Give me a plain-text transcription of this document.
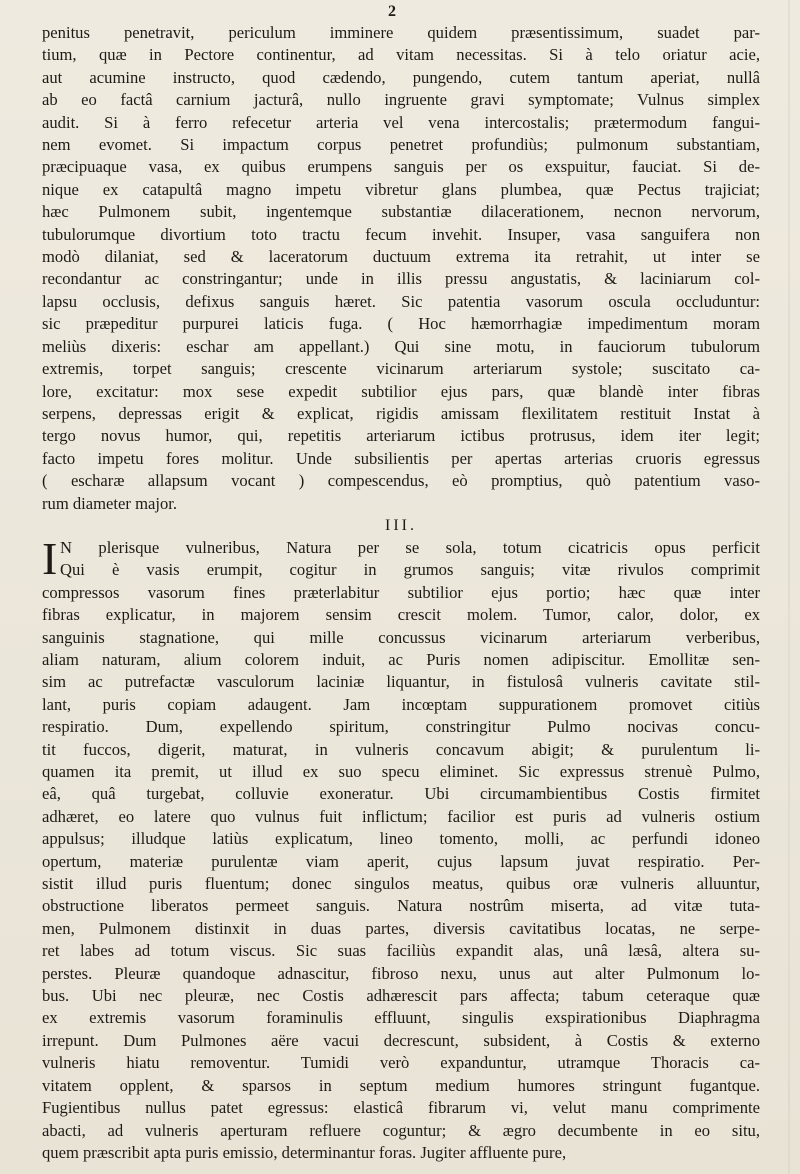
2
penitus penetravit, periculum imminere quidem præsentissimum, suadet par-
tium, quæ in Pectore continentur, ad vitam necessitas. Si à telo oriatur acie,
aut acumine instructo, quod cædendo, pungendo, cutem tantum aperiat, nullâ
ab eo factâ carnium jacturâ, nullo ingruente gravi symptomate; Vulnus simplex
audit. Si à ferro refecetur arteria vel vena intercostalis; prætermodum fangui-
nem evomet. Si impactum corpus penetret profundiùs; pulmonum substantiam,
præcipuaque vasa, ex quibus erumpens sanguis per os exspuitur, fauciat. Si de-
nique ex catapultâ magno impetu vibretur glans plumbea, quæ Pectus trajiciat;
hæc Pulmonem subit, ingentemque substantiæ dilacerationem, necnon nervorum,
tubulorumque divortium toto tractu fecum invehit. Insuper, vasa sanguifera non
modò dilaniat, sed & laceratorum ductuum extrema ita retrahit, ut inter se
recondantur ac constringantur; unde in illis pressu angustatis, & laciniarum col-
lapsu occlusis, defixus sanguis hæret. Sic patentia vasorum oscula occluduntur:
sic præpeditur purpurei laticis fuga. ( Hoc hæmorrhagiæ impedimentum moram
meliùs dixeris: eschar am appellant.) Qui sine motu, in fauciorum tubulorum
extremis, torpet sanguis; crescente vicinarum arteriarum systole; suscitato ca-
lore, excitatur: mox sese expedit subtilior ejus pars, quæ blandè inter fibras
serpens, depressas erigit & explicat, rigidis amissam flexilitatem restituit Instat à
tergo novus humor, qui, repetitis arteriarum ictibus protrusus, idem iter legit;
facto impetu fores molitur. Unde subsilientis per apertas arterias cruoris egressus
( escharæ allapsum vocant ) compescendus, eò promptius, quò patentium vaso-
rum diameter major.
III.
I N plerisque vulneribus, Natura per se sola, totum cicatricis opus perficit
Qui è vasis erumpit, cogitur in grumos sanguis; vitæ rivulos comprimit
compressos vasorum fines præterlabitur subtilior ejus portio; hæc quæ inter
fibras explicatur, in majorem sensim crescit molem. Tumor, calor, dolor, ex
sanguinis stagnatione, qui mille concussus vicinarum arteriarum verberibus,
aliam naturam, alium colorem induit, ac Puris nomen adipiscitur. Emollitæ sen-
sim ac putrefactæ vasculorum laciniæ liquantur, in fistulosâ vulneris cavitate stil-
lant, puris copiam adaugent. Jam incœptam suppurationem promovet citiùs
respiratio. Dum, expellendo spiritum, constringitur Pulmo nocivas concu-
tit fuccos, digerit, maturat, in vulneris concavum abigit; & purulentum li-
quamen ita premit, ut illud ex suo specu eliminet. Sic expressus strenuè Pulmo,
eâ, quâ turgebat, colluvie exoneratur. Ubi circumambientibus Costis firmitet
adhæret, eo latere quo vulnus fuit inflictum; facilior est puris ad vulneris ostium
appulsus; illudque latiùs explicatum, lineo tomento, molli, ac perfundi idoneo
opertum, materiæ purulentæ viam aperit, cujus lapsum juvat respiratio. Per-
sistit illud puris fluentum; donec singulos meatus, quibus oræ vulneris alluuntur,
obstructione liberatos permeet sanguis. Natura nostrûm miserta, ad vitæ tuta-
men, Pulmonem distinxit in duas partes, diversis cavitatibus locatas, ne serpe-
ret labes ad totum viscus. Sic suas faciliùs expandit alas, unâ læsâ, altera su-
perstes. Pleuræ quandoque adnascitur, fibroso nexu, unus aut alter Pulmonum lo-
bus. Ubi nec pleuræ, nec Costis adhærescit pars affecta; tabum ceteraque quæ
ex extremis vasorum foraminulis effluunt, singulis exspirationibus Diaphragma
irrepunt. Dum Pulmones aëre vacui decrescunt, subsident, à Costis & externo
vulneris hiatu removentur. Tumidi verò expanduntur, utramque Thoracis ca-
vitatem opplent, & sparsos in septum medium humores stringunt fugantque.
Fugientibus nullus patet egressus: elasticâ fibrarum vi, velut manu comprimente
abacti, ad vulneris aperturam refluere coguntur; & ægro decumbente in eo situ,
quem præscribit apta puris emissio, determinantur foras. Jugiter affluente pure,
